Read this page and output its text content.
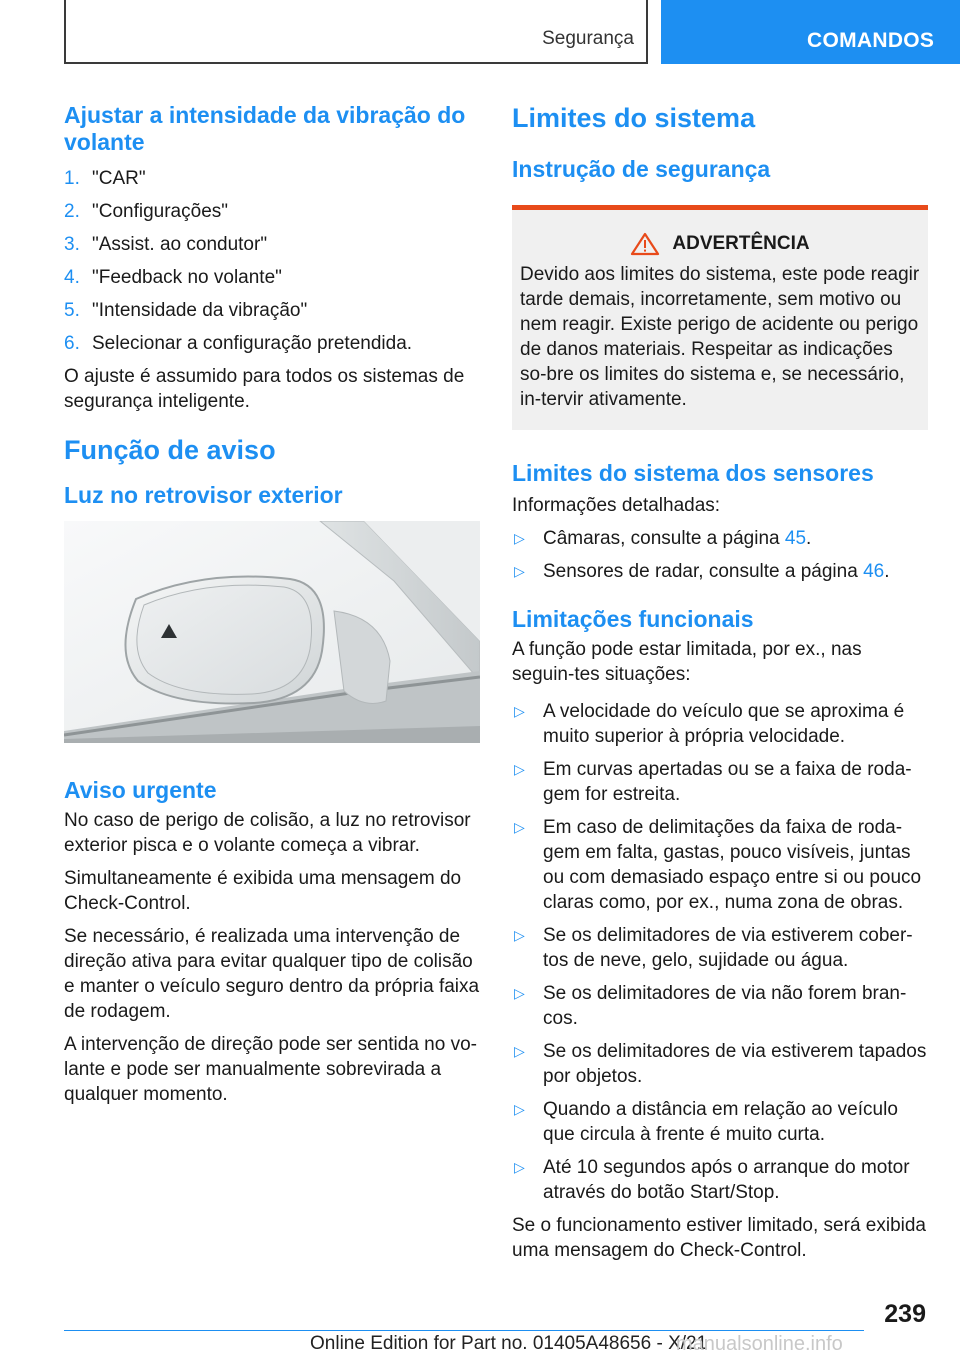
Segurança	COMANDOS
Ajustar a intensidade da vibração do volante
1. "CAR"
2. "Configurações"
3. "Assist. ao condutor"
4. "Feedback no volante"
5. "Intensidade da vibração"
6. Selecionar a configuração pretendida.

O ajuste é assumido para todos os sistemas de segurança inteligente.

Função de aviso
Luz no retrovisor exterior
Aviso urgente

No caso de perigo de colisão, a luz no retrovisor exterior pisca e o volante começa a vibrar.

Simultaneamente é exibida uma mensagem do Check-Control.

Se necessário, é realizada uma intervenção de direção ativa para evitar qualquer tipo de colisão e manter o veículo seguro dentro da própria faixa de rodagem.

A intervenção de direção pode ser sentida no vo‐lante e pode ser manualmente sobrevirada a qualquer momento.

Limites do sistema
Instrução de segurança
ADVERTÊNCIA
Devido aos limites do sistema, este pode reagir tarde demais, incorretamente, sem motivo ou nem reagir. Existe perigo de acidente ou perigo de danos materiais. Respeitar as indicações so‐bre os limites do sistema e, se necessário, in‐tervir ativamente.
Limites do sistema dos sensores

Informações detalhadas:

▷ Câmaras, consulte a página 45.
▷ Sensores de radar, consulte a página 46.
Limitações funcionais

A função pode estar limitada, por ex., nas seguin‐tes situações:

▷ A velocidade do veículo que se aproxima é muito superior à própria velocidade.
▷ Em curvas apertadas ou se a faixa de roda‐gem for estreita.
▷ Em caso de delimitações da faixa de roda‐gem em falta, gastas, pouco visíveis, juntas ou com demasiado espaço entre si ou pouco claras como, por ex., numa zona de obras.
▷ Se os delimitadores de via estiverem cober‐tos de neve, gelo, sujidade ou água.
▷ Se os delimitadores de via não forem bran‐cos.
▷ Se os delimitadores de via estiverem tapados por objetos.
▷ Quando a distância em relação ao veículo que circula à frente é muito curta.
▷ Até 10 segundos após o arranque do motor através do botão Start/Stop.

Se o funcionamento estiver limitado, será exibida uma mensagem do Check-Control.

239
Online Edition for Part no. 01405A48656 - X/21
manualsonline.info
